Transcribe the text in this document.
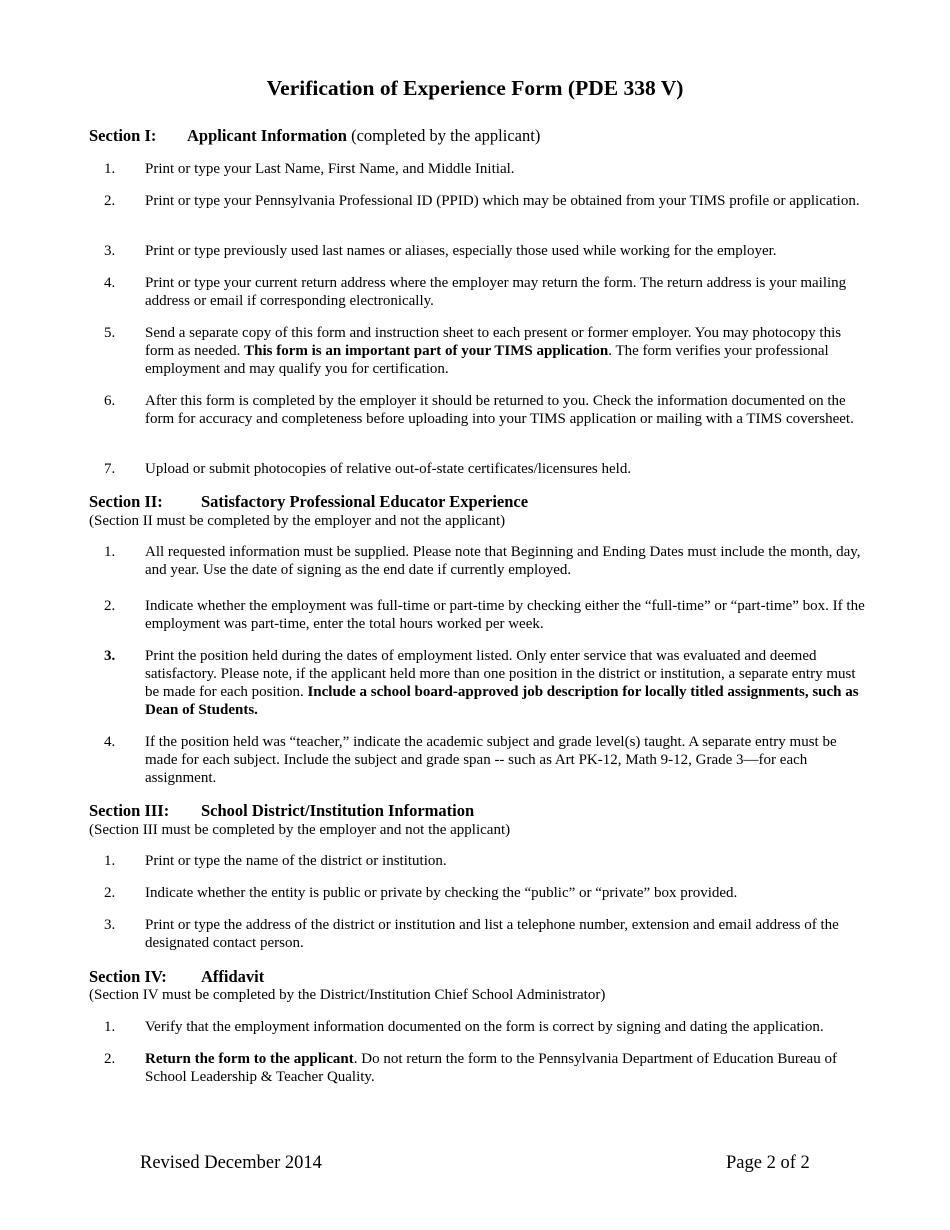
Verification of Experience Form (PDE 338 V)
Section I: Applicant Information (completed by the applicant)
1. Print or type your Last Name, First Name, and Middle Initial.
2. Print or type your Pennsylvania Professional ID (PPID) which may be obtained from your TIMS profile or application.
3. Print or type previously used last names or aliases, especially those used while working for the employer.
4. Print or type your current return address where the employer may return the form. The return address is your mailing address or email if corresponding electronically.
5. Send a separate copy of this form and instruction sheet to each present or former employer. You may photocopy this form as needed. This form is an important part of your TIMS application. The form verifies your professional employment and may qualify you for certification.
6. After this form is completed by the employer it should be returned to you. Check the information documented on the form for accuracy and completeness before uploading into your TIMS application or mailing with a TIMS coversheet.
7. Upload or submit photocopies of relative out-of-state certificates/licensures held.
Section II: Satisfactory Professional Educator Experience
(Section II must be completed by the employer and not the applicant)
1. All requested information must be supplied. Please note that Beginning and Ending Dates must include the month, day, and year. Use the date of signing as the end date if currently employed.
2. Indicate whether the employment was full-time or part-time by checking either the “full-time” or “part-time” box. If the employment was part-time, enter the total hours worked per week.
3. Print the position held during the dates of employment listed. Only enter service that was evaluated and deemed satisfactory. Please note, if the applicant held more than one position in the district or institution, a separate entry must be made for each position. Include a school board-approved job description for locally titled assignments, such as Dean of Students.
4. If the position held was “teacher,” indicate the academic subject and grade level(s) taught. A separate entry must be made for each subject. Include the subject and grade span -- such as Art PK-12, Math 9-12, Grade 3—for each assignment.
Section III: School District/Institution Information
(Section III must be completed by the employer and not the applicant)
1. Print or type the name of the district or institution.
2. Indicate whether the entity is public or private by checking the “public” or “private” box provided.
3. Print or type the address of the district or institution and list a telephone number, extension and email address of the designated contact person.
Section IV: Affidavit
(Section IV must be completed by the District/Institution Chief School Administrator)
1. Verify that the employment information documented on the form is correct by signing and dating the application.
2. Return the form to the applicant. Do not return the form to the Pennsylvania Department of Education Bureau of School Leadership & Teacher Quality.
Revised December 2014	Page 2 of 2
